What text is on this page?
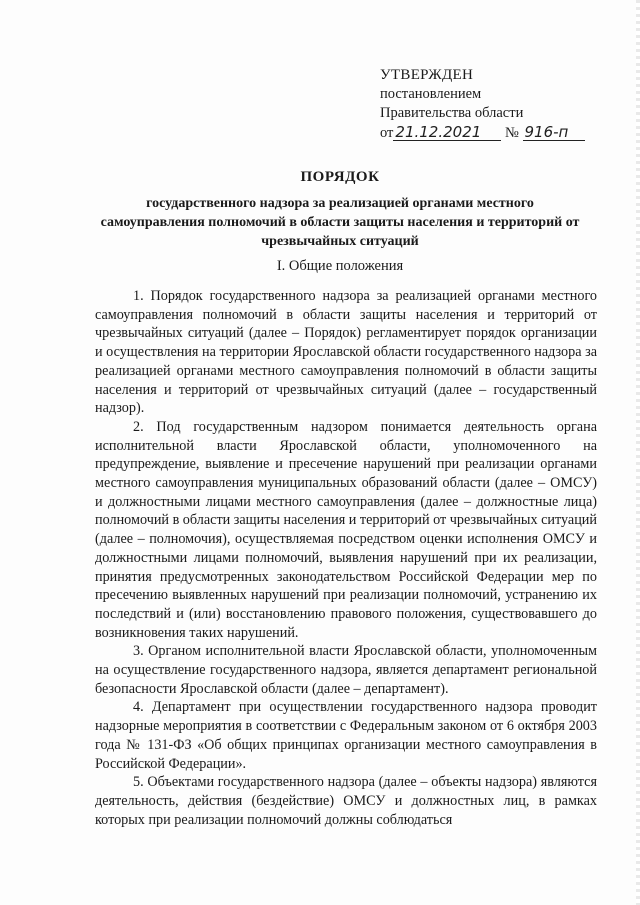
УТВЕРЖДЕН
постановлением
Правительства области
от 21.12.2021 № 916-п
ПОРЯДОК
государственного надзора за реализацией органами местного самоуправления полномочий в области защиты населения и территорий от чрезвычайных ситуаций
I. Общие положения

1. Порядок государственного надзора за реализацией органами местного самоуправления полномочий в области защиты населения и территорий от чрезвычайных ситуаций (далее – Порядок) регламентирует порядок организации и осуществления на территории Ярославской области государственного надзора за реализацией органами местного самоуправления полномочий в области защиты населения и территорий от чрезвычайных ситуаций (далее – государственный надзор).

2. Под государственным надзором понимается деятельность органа исполнительной власти Ярославской области, уполномоченного на предупреждение, выявление и пресечение нарушений при реализации органами местного самоуправления муниципальных образований области (далее – ОМСУ) и должностными лицами местного самоуправления (далее – должностные лица) полномочий в области защиты населения и территорий от чрезвычайных ситуаций (далее – полномочия), осуществляемая посредством оценки исполнения ОМСУ и должностными лицами полномочий, выявления нарушений при их реализации, принятия предусмотренных законодательством Российской Федерации мер по пресечению выявленных нарушений при реализации полномочий, устранению их последствий и (или) восстановлению правового положения, существовавшего до возникновения таких нарушений.

3. Органом исполнительной власти Ярославской области, уполномоченным на осуществление государственного надзора, является департамент региональной безопасности Ярославской области (далее – департамент).

4. Департамент при осуществлении государственного надзора проводит надзорные мероприятия в соответствии с Федеральным законом от 6 октября 2003 года № 131-ФЗ «Об общих принципах организации местного самоуправления в Российской Федерации».

5. Объектами государственного надзора (далее – объекты надзора) являются деятельность, действия (бездействие) ОМСУ и должностных лиц, в рамках которых при реализации полномочий должны соблюдаться
